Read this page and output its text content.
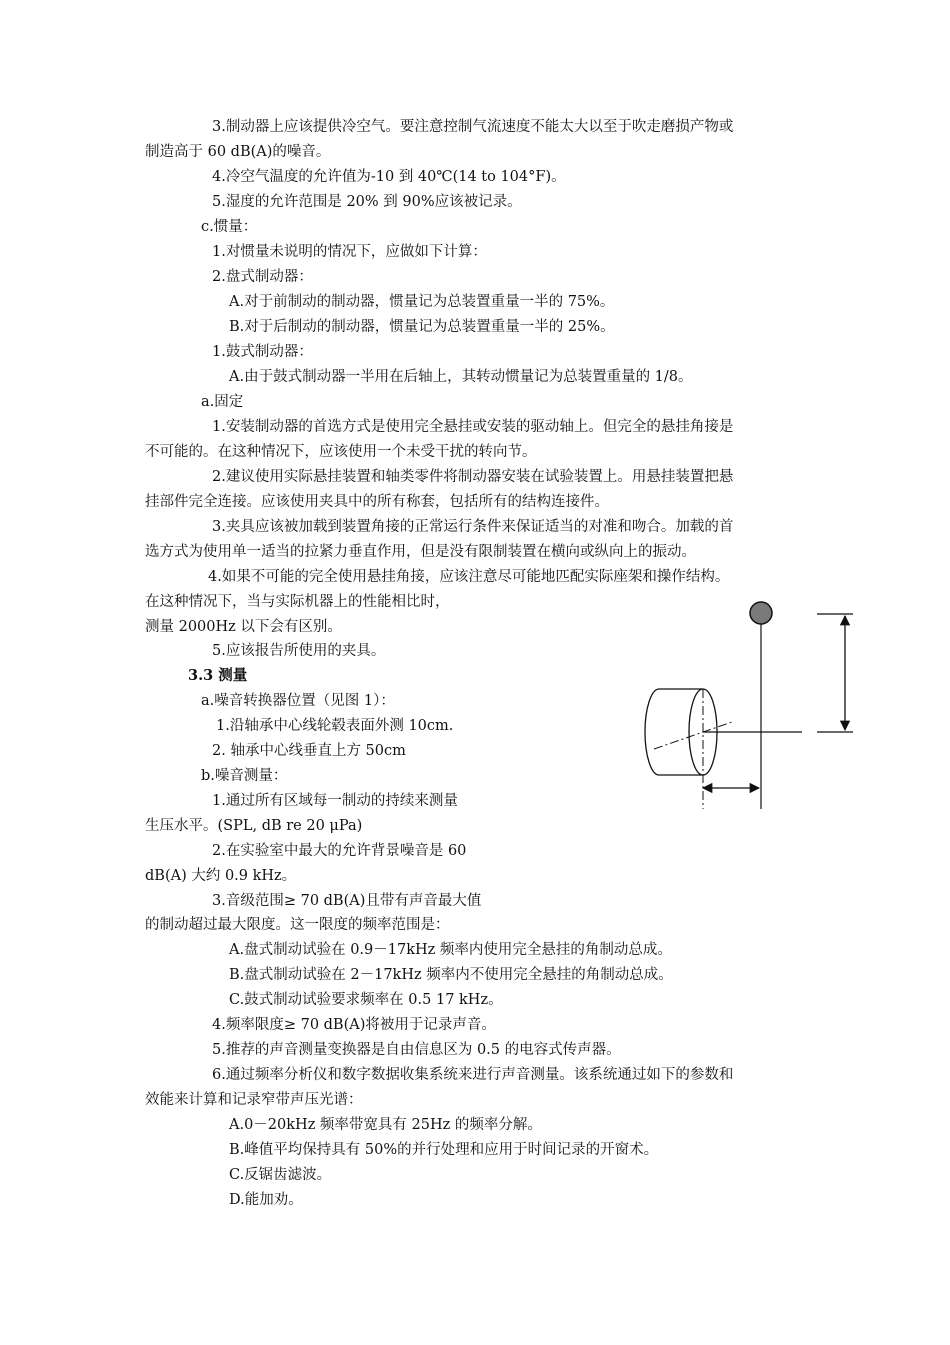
3.制动器上应该提供冷空气。要注意控制气流速度不能太大以至于吹走磨损产物或
制造高于 60 dB(A)的噪音。
4.冷空气温度的允许值为-10 到 40℃(14 to 104°F)。
5.湿度的允许范围是 20% 到 90%应该被记录。
c.惯量：
1.对惯量未说明的情况下，应做如下计算：
2.盘式制动器：
A.对于前制动的制动器，惯量记为总装置重量一半的 75%。
B.对于后制动的制动器，惯量记为总装置重量一半的 25%。
1.鼓式制动器：
A.由于鼓式制动器一半用在后轴上，其转动惯量记为总装置重量的 1/8。
a.固定
1.安装制动器的首选方式是使用完全悬挂或安装的驱动轴上。但完全的悬挂角接是
不可能的。在这种情况下，应该使用一个未受干扰的转向节。
2.建议使用实际悬挂装置和轴类零件将制动器安装在试验装置上。用悬挂装置把悬
挂部件完全连接。应该使用夹具中的所有称套，包括所有的结构连接件。
3.夹具应该被加载到装置角接的正常运行条件来保证适当的对准和吻合。加载的首
选方式为使用单一适当的拉紧力垂直作用，但是没有限制装置在横向或纵向上的振动。
4.如果不可能的完全使用悬挂角接，应该注意尽可能地匹配实际座架和操作结构。
在这种情况下，当与实际机器上的性能相比时，
测量 2000Hz 以下会有区别。
5.应该报告所使用的夹具。
3.3 测量
a.噪音转换器位置（见图 1）：
1.沿轴承中心线轮毂表面外测 10cm.
2. 轴承中心线垂直上方 50cm
b.噪音测量：
1.通过所有区域每一制动的持续来测量
生压水平。(SPL, dB re 20 μPa)
2.在实验室中最大的允许背景噪音是 60
dB(A) 大约 0.9 kHz。
3.音级范围≥ 70 dB(A)且带有声音最大值
的制动超过最大限度。这一限度的频率范围是：
A.盘式制动试验在 0.9－17kHz 频率内使用完全悬挂的角制动总成。
B.盘式制动试验在 2－17kHz 频率内不使用完全悬挂的角制动总成。
C.鼓式制动试验要求频率在 0.5 17 kHz。
4.频率限度≥ 70 dB(A)将被用于记录声音。
5.推荐的声音测量变换器是自由信息区为 0.5 的电容式传声器。
6.通过频率分析仪和数字数据收集系统来进行声音测量。该系统通过如下的参数和
效能来计算和记录窄带声压光谱：
A.0－20kHz 频率带宽具有 25Hz 的频率分解。
B.峰值平均保持具有 50%的并行处理和应用于时间记录的开窗术。
C.反锯齿滤波。
D.能加劝。
